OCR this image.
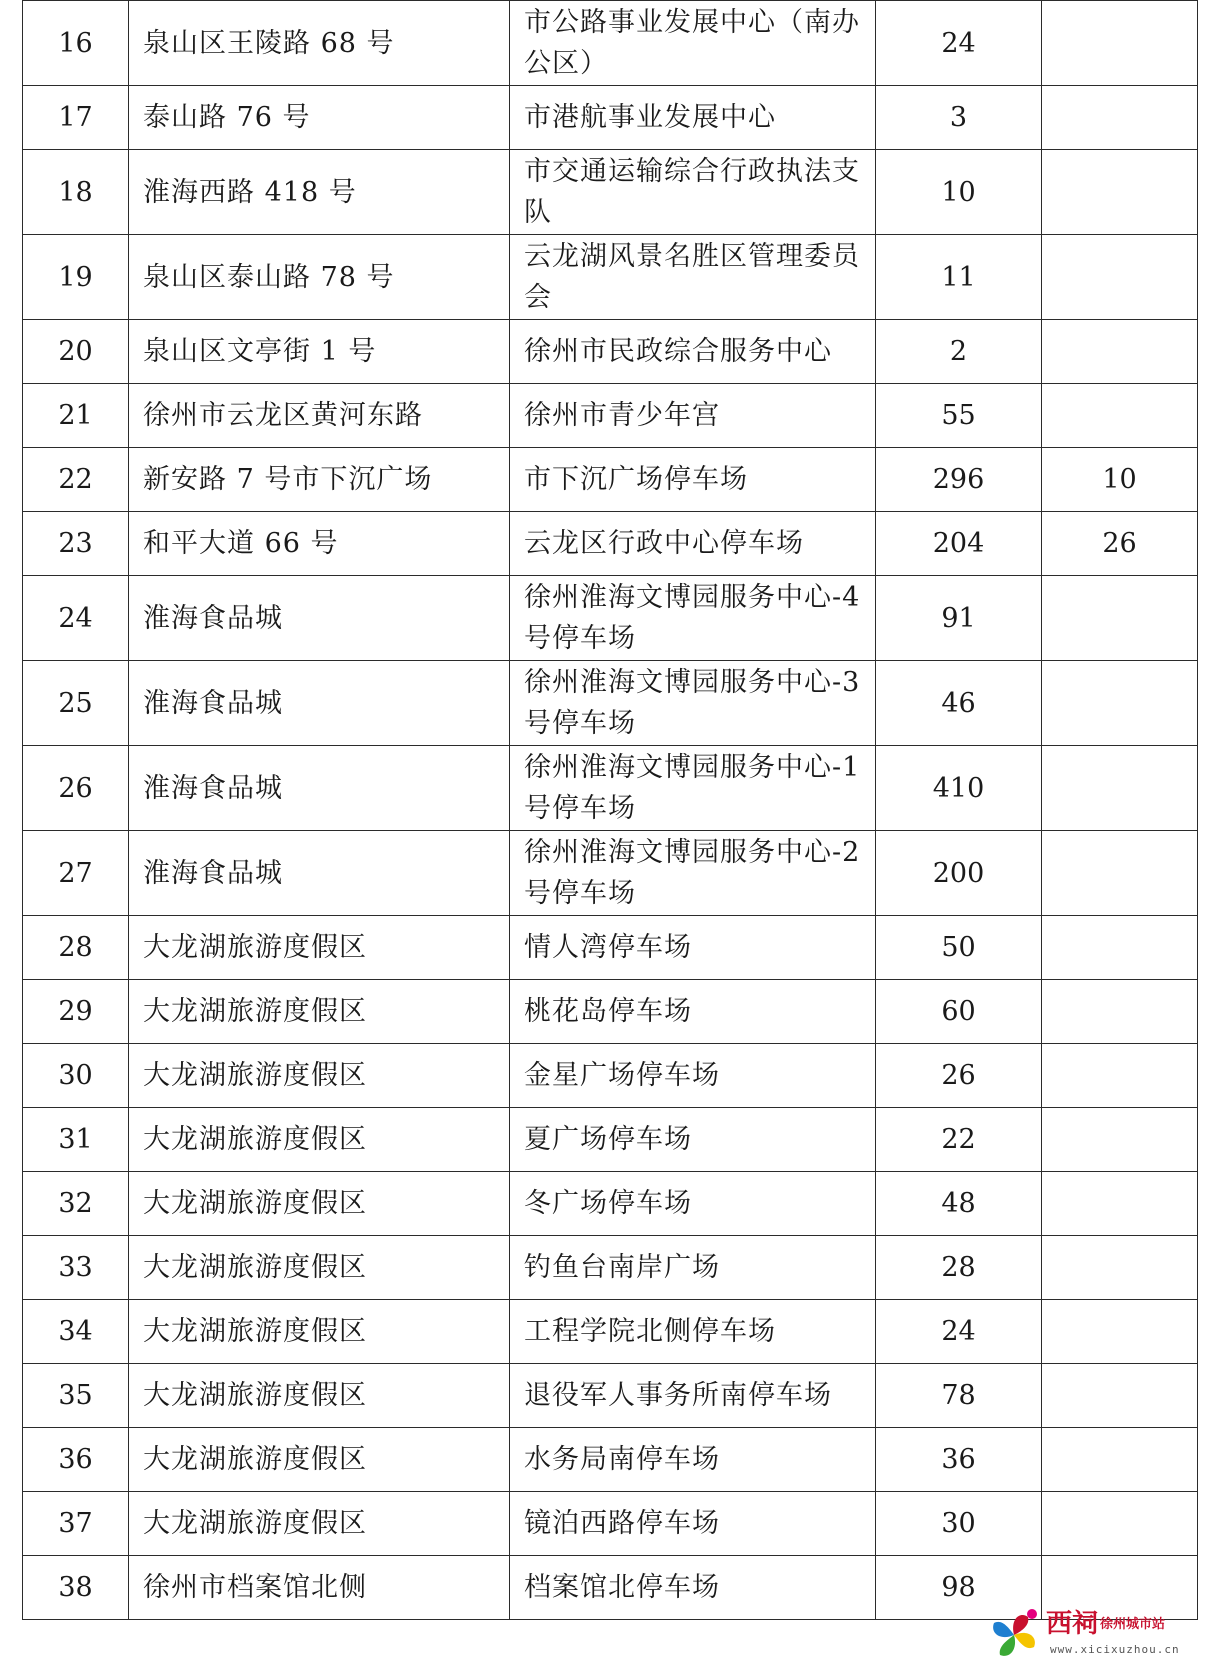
16	泉山区王陵路 68 号	市公路事业发展中心（南办公区）	24	
17	泰山路 76 号	市港航事业发展中心	3	
18	淮海西路 418 号	市交通运输综合行政执法支队	10	
19	泉山区泰山路 78 号	云龙湖风景名胜区管理委员会	11	
20	泉山区文亭街 1 号	徐州市民政综合服务中心	2	
21	徐州市云龙区黄河东路	徐州市青少年宫	55	
22	新安路 7 号市下沉广场	市下沉广场停车场	296	10
23	和平大道 66 号	云龙区行政中心停车场	204	26
24	淮海食品城	徐州淮海文博园服务中心-4 号停车场	91	
25	淮海食品城	徐州淮海文博园服务中心-3 号停车场	46	
26	淮海食品城	徐州淮海文博园服务中心-1 号停车场	410	
27	淮海食品城	徐州淮海文博园服务中心-2 号停车场	200	
28	大龙湖旅游度假区	情人湾停车场	50	
29	大龙湖旅游度假区	桃花岛停车场	60	
30	大龙湖旅游度假区	金星广场停车场	26	
31	大龙湖旅游度假区	夏广场停车场	22	
32	大龙湖旅游度假区	冬广场停车场	48	
33	大龙湖旅游度假区	钓鱼台南岸广场	28	
34	大龙湖旅游度假区	工程学院北侧停车场	24	
35	大龙湖旅游度假区	退役军人事务所南停车场	78	
36	大龙湖旅游度假区	水务局南停车场	36	
37	大龙湖旅游度假区	镜泊西路停车场	30	
38	徐州市档案馆北侧	档案馆北停车场	98	
西祠 徐州城市站
www.xicixuzhou.cn
